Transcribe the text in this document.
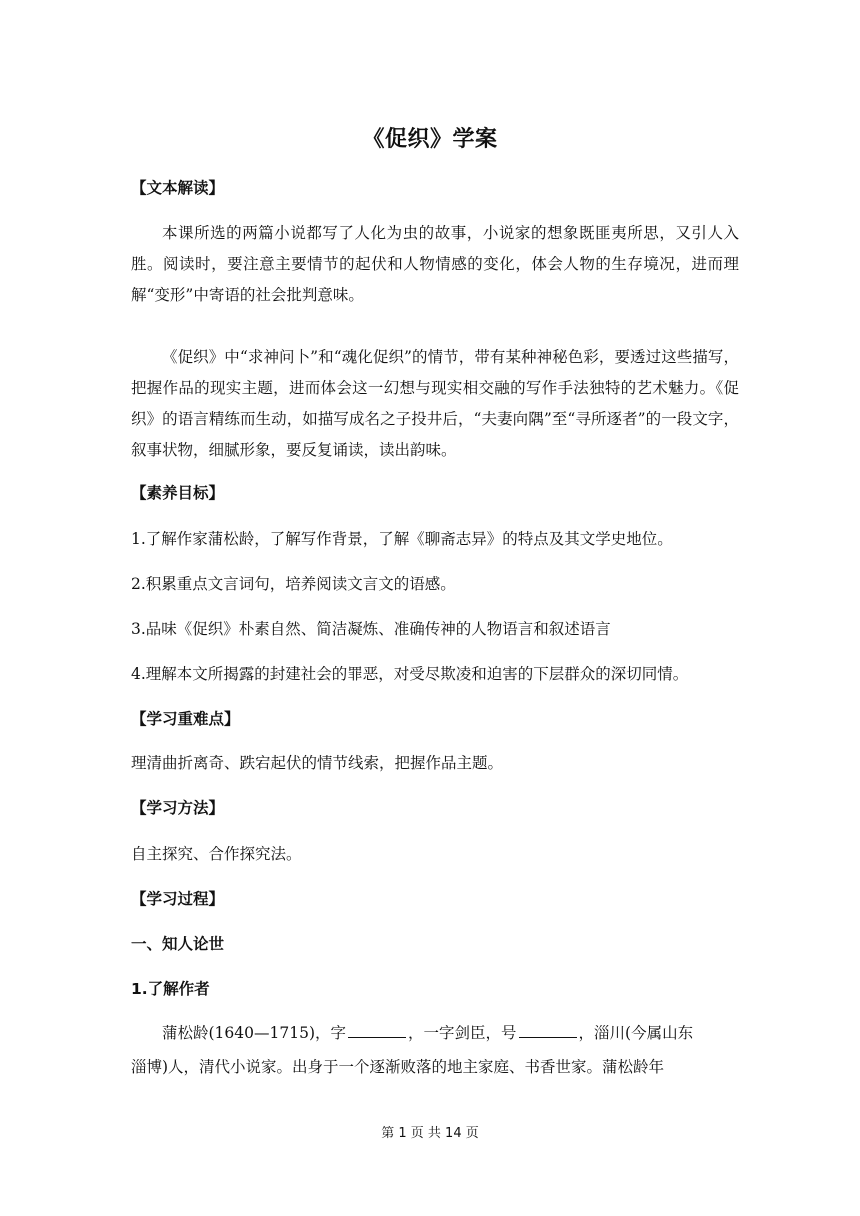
《促织》学案
【文本解读】
本课所选的两篇小说都写了人化为虫的故事，小说家的想象既匪夷所思，又引人入胜。阅读时，要注意主要情节的起伏和人物情感的变化，体会人物的生存境况，进而理解“变形”中寄语的社会批判意味。
《促织》中“求神问卜”和“魂化促织”的情节，带有某种神秘色彩，要透过这些描写，把握作品的现实主题，进而体会这一幻想与现实相交融的写作手法独特的艺术魅力。《促织》的语言精练而生动，如描写成名之子投井后，“夫妻向隅”至“寻所逐者”的一段文字，叙事状物，细腻形象，要反复诵读，读出韵味。
【素养目标】
1.了解作家蒲松龄，了解写作背景，了解《聊斋志异》的特点及其文学史地位。
2.积累重点文言词句，培养阅读文言文的语感。
3.品味《促织》朴素自然、简洁凝炼、准确传神的人物语言和叙述语言
4.理解本文所揭露的封建社会的罪恶，对受尽欺凌和迫害的下层群众的深切同情。
【学习重难点】
理清曲折离奇、跌宕起伏的情节线索，把握作品主题。
【学习方法】
自主探究、合作探究法。
【学习过程】
一、知人论世
1.了解作者
蒲松龄(1640—1715)，字	，一字剑臣，号	，淄川(今属山东
淄博)人，清代小说家。出身于一个逐渐败落的地主家庭、书香世家。蒲松龄年
第 1 页 共 14 页
